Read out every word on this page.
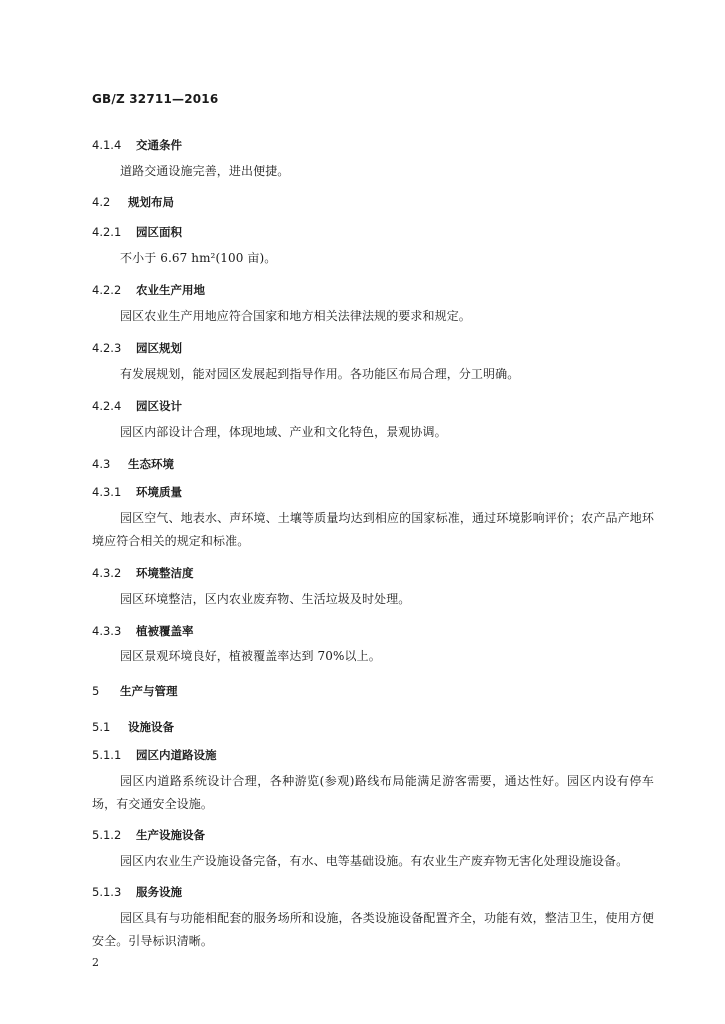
GB/Z 32711—2016
4.1.4 交通条件
道路交通设施完善，进出便捷。
4.2 规划布局
4.2.1 园区面积
不小于 6.67 hm²(100 亩)。
4.2.2 农业生产用地
园区农业生产用地应符合国家和地方相关法律法规的要求和规定。
4.2.3 园区规划
有发展规划，能对园区发展起到指导作用。各功能区布局合理，分工明确。
4.2.4 园区设计
园区内部设计合理，体现地域、产业和文化特色，景观协调。
4.3 生态环境
4.3.1 环境质量
园区空气、地表水、声环境、土壤等质量均达到相应的国家标准，通过环境影响评价；农产品产地环境应符合相关的规定和标准。
4.3.2 环境整洁度
园区环境整洁，区内农业废弃物、生活垃圾及时处理。
4.3.3 植被覆盖率
园区景观环境良好，植被覆盖率达到 70%以上。
5 生产与管理
5.1 设施设备
5.1.1 园区内道路设施
园区内道路系统设计合理，各种游览(参观)路线布局能满足游客需要，通达性好。园区内设有停车场，有交通安全设施。
5.1.2 生产设施设备
园区内农业生产设施设备完备，有水、电等基础设施。有农业生产废弃物无害化处理设施设备。
5.1.3 服务设施
园区具有与功能相配套的服务场所和设施，各类设施设备配置齐全，功能有效，整洁卫生，使用方便安全。引导标识清晰。
2
